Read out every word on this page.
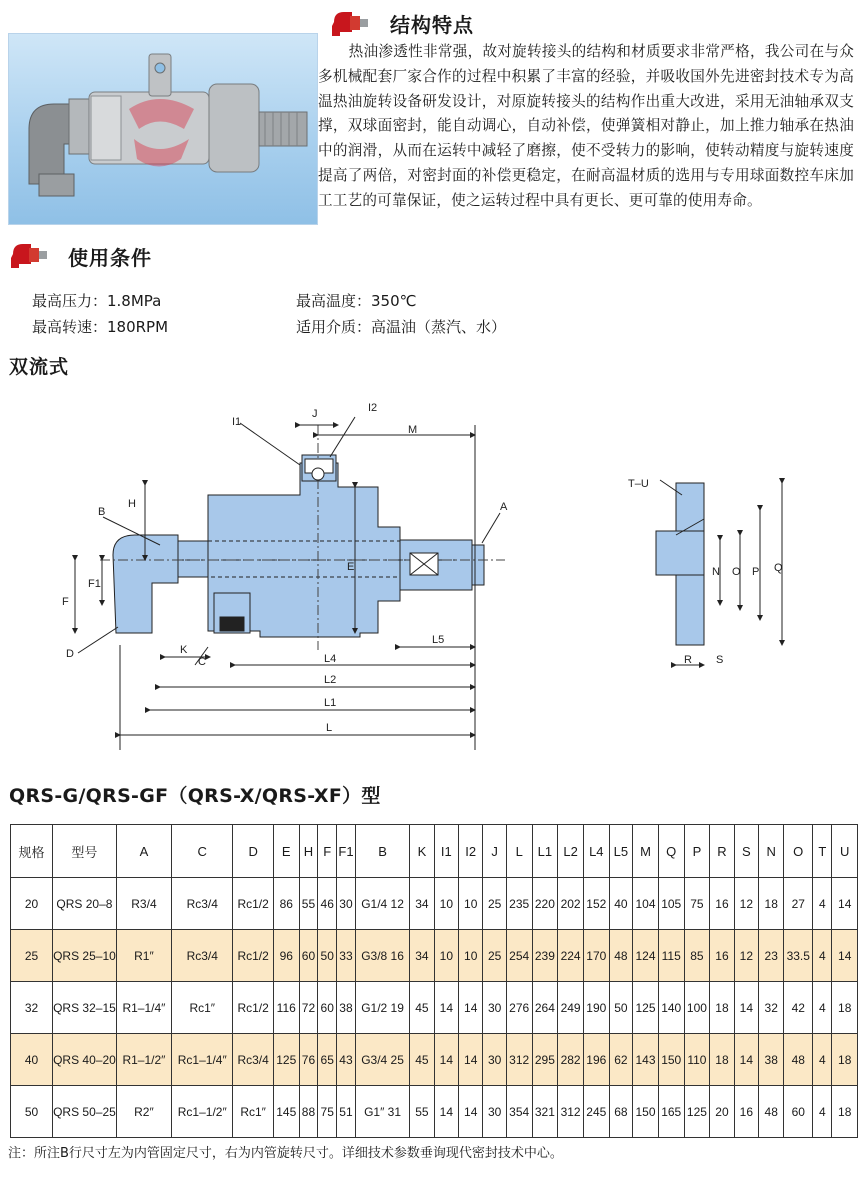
结构特点
热油渗透性非常强，故对旋转接头的结构和材质要求非常严格，我公司在与众多机械配套厂家合作的过程中积累了丰富的经验，并吸收国外先进密封技术专为高温热油旋转设备研发设计，对原旋转接头的结构作出重大改进，采用无油轴承双支撑，双球面密封，能自动调心，自动补偿，使弹簧相对静止，加上推力轴承在热油中的润滑，从而在运转中减轻了磨擦，使不受转力的影响，使转动精度与旋转速度提高了两倍，对密封面的补偿更稳定，在耐高温材质的选用与专用球面数控车床加工工艺的可靠保证，使之运转过程中具有更长、更可靠的使用寿命。
使用条件
最高压力：1.8MPa	最高温度：350℃
最高转速：180RPM	适用介质：高温油（蒸汽、水）
双流式
I1
J	I2
M
H
B	A
E
F
F1
D	K
C
L5
L4
L2
L1
L
T–U
N O P Q
R S
QRS-G/QRS-GF（QRS-X/QRS-XF）型
规格	型号	A	C	D	E	H	F	F1	B	K	I1	I2	J	L	L1	L2	L4	L5	M	Q	P	R	S	N	O	T	U
20	QRS 20–8	R3/4	Rc3/4	Rc1/2	86	55	46	30	G1/4 12	34	10	10	25	235	220	202	152	40	104	105	75	16	12	18	27	4	14
25	QRS 25–10	R1″	Rc3/4	Rc1/2	96	60	50	33	G3/8 16	34	10	10	25	254	239	224	170	48	124	115	85	16	12	23	33.5	4	14
32	QRS 32–15	R1–1/4″	Rc1″	Rc1/2	116	72	60	38	G1/2 19	45	14	14	30	276	264	249	190	50	125	140	100	18	14	32	42	4	18
40	QRS 40–20	R1–1/2″	Rc1–1/4″	Rc3/4	125	76	65	43	G3/4 25	45	14	14	30	312	295	282	196	62	143	150	110	18	14	38	48	4	18
50	QRS 50–25	R2″	Rc1–1/2″	Rc1″	145	88	75	51	G1″ 31	55	14	14	30	354	321	312	245	68	150	165	125	20	16	48	60	4	18
注：所注B行尺寸左为内管固定尺寸，右为内管旋转尺寸。详细技术参数垂询现代密封技术中心。
